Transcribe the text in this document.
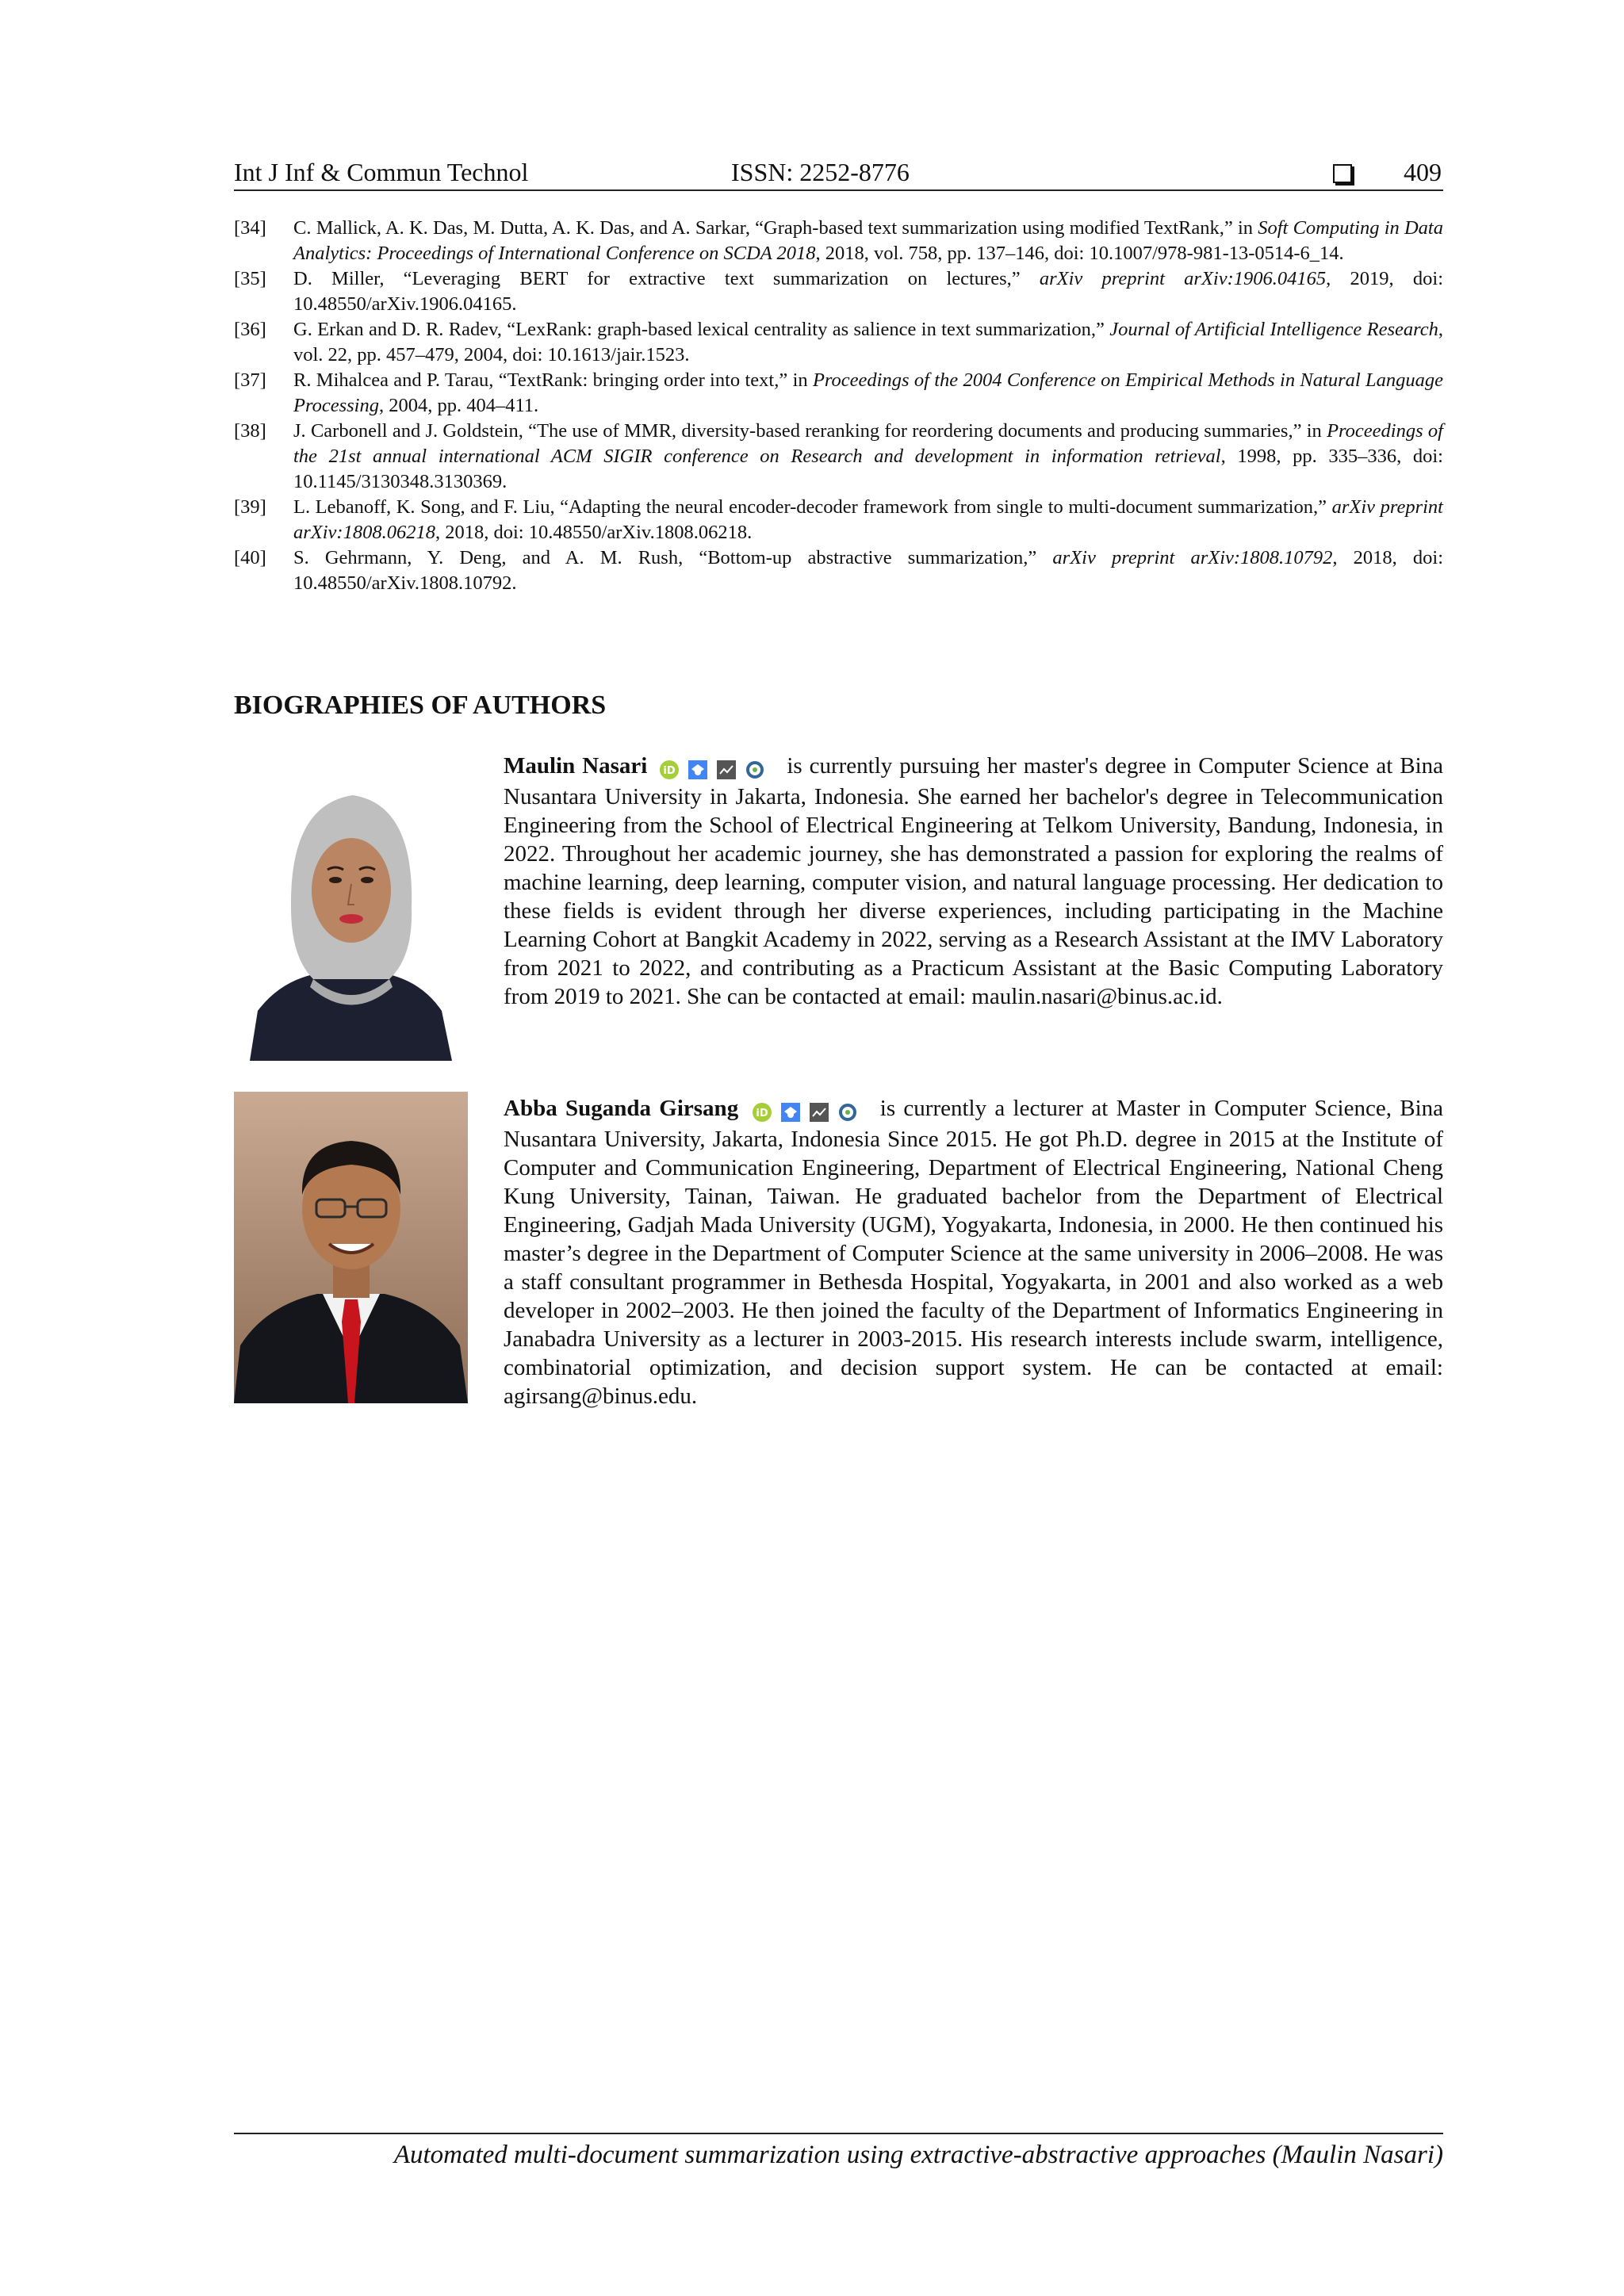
Int J Inf & Commun Technol	ISSN: 2252-8776	409
[34]	C. Mallick, A. K. Das, M. Dutta, A. K. Das, and A. Sarkar, “Graph-based text summarization using modified TextRank,” in Soft Computing in Data Analytics: Proceedings of International Conference on SCDA 2018, 2018, vol. 758, pp. 137–146, doi: 10.1007/978-981-13-0514-6_14.
[35]	D. Miller, “Leveraging BERT for extractive text summarization on lectures,” arXiv preprint arXiv:1906.04165, 2019, doi: 10.48550/arXiv.1906.04165.
[36]	G. Erkan and D. R. Radev, “LexRank: graph-based lexical centrality as salience in text summarization,” Journal of Artificial Intelligence Research, vol. 22, pp. 457–479, 2004, doi: 10.1613/jair.1523.
[37]	R. Mihalcea and P. Tarau, “TextRank: bringing order into text,” in Proceedings of the 2004 Conference on Empirical Methods in Natural Language Processing, 2004, pp. 404–411.
[38]	J. Carbonell and J. Goldstein, “The use of MMR, diversity-based reranking for reordering documents and producing summaries,” in Proceedings of the 21st annual international ACM SIGIR conference on Research and development in information retrieval, 1998, pp. 335–336, doi: 10.1145/3130348.3130369.
[39]	L. Lebanoff, K. Song, and F. Liu, “Adapting the neural encoder-decoder framework from single to multi-document summarization,” arXiv preprint arXiv:1808.06218, 2018, doi: 10.48550/arXiv.1808.06218.
[40]	S. Gehrmann, Y. Deng, and A. M. Rush, “Bottom-up abstractive summarization,” arXiv preprint arXiv:1808.10792, 2018, doi: 10.48550/arXiv.1808.10792.
BIOGRAPHIES OF AUTHORS
Maulin Nasari iD	is currently pursuing her master's degree in Computer Science at Bina Nusantara University in Jakarta, Indonesia. She earned her bachelor's degree in Telecommunication Engineering from the School of Electrical Engineering at Telkom University, Bandung, Indonesia, in 2022. Throughout her academic journey, she has demonstrated a passion for exploring the realms of machine learning, deep learning, computer vision, and natural language processing. Her dedication to these fields is evident through her diverse experiences, including participating in the Machine Learning Cohort at Bangkit Academy in 2022, serving as a Research Assistant at the IMV Laboratory from 2021 to 2022, and contributing as a Practicum Assistant at the Basic Computing Laboratory from 2019 to 2021. She can be contacted at email: maulin.nasari@binus.ac.id.
Abba Suganda Girsang iD	is currently a lecturer at Master in Computer Science, Bina Nusantara University, Jakarta, Indonesia Since 2015. He got Ph.D. degree in 2015 at the Institute of Computer and Communication Engineering, Department of Electrical Engineering, National Cheng Kung University, Tainan, Taiwan. He graduated bachelor from the Department of Electrical Engineering, Gadjah Mada University (UGM), Yogyakarta, Indonesia, in 2000. He then continued his master’s degree in the Department of Computer Science at the same university in 2006–2008. He was a staff consultant programmer in Bethesda Hospital, Yogyakarta, in 2001 and also worked as a web developer in 2002–2003. He then joined the faculty of the Department of Informatics Engineering in Janabadra University as a lecturer in 2003-2015. His research interests include swarm, intelligence, combinatorial optimization, and decision support system. He can be contacted at email: agirsang@binus.edu.
Automated multi-document summarization using extractive-abstractive approaches (Maulin Nasari)
